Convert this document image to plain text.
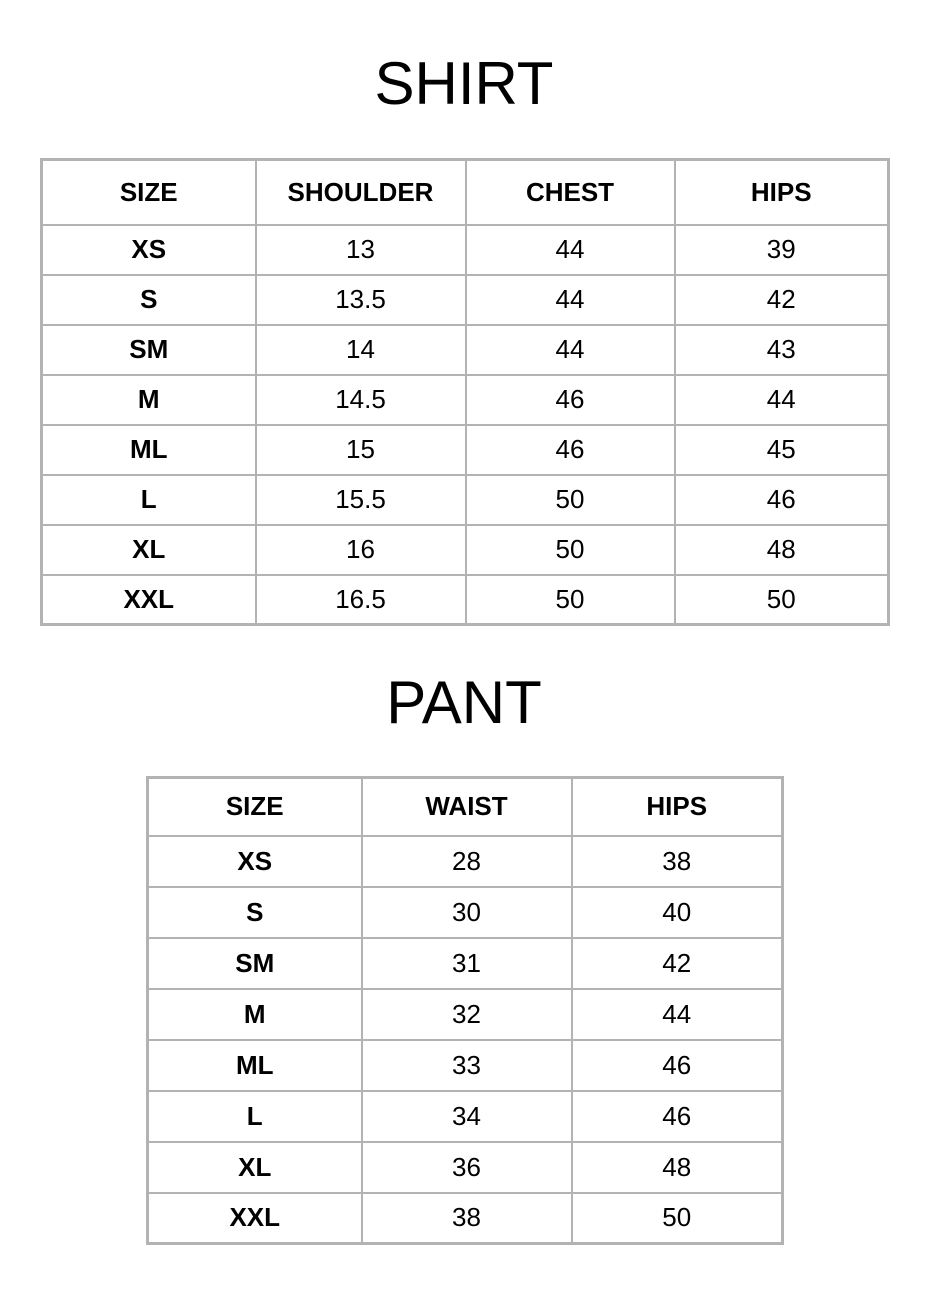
SHIRT
SIZE	SHOULDER	CHEST	HIPS
XS	13	44	39
S	13.5	44	42
SM	14	44	43
M	14.5	46	44
ML	15	46	45
L	15.5	50	46
XL	16	50	48
XXL	16.5	50	50
PANT
SIZE	WAIST	HIPS
XS	28	38
S	30	40
SM	31	42
M	32	44
ML	33	46
L	34	46
XL	36	48
XXL	38	50
